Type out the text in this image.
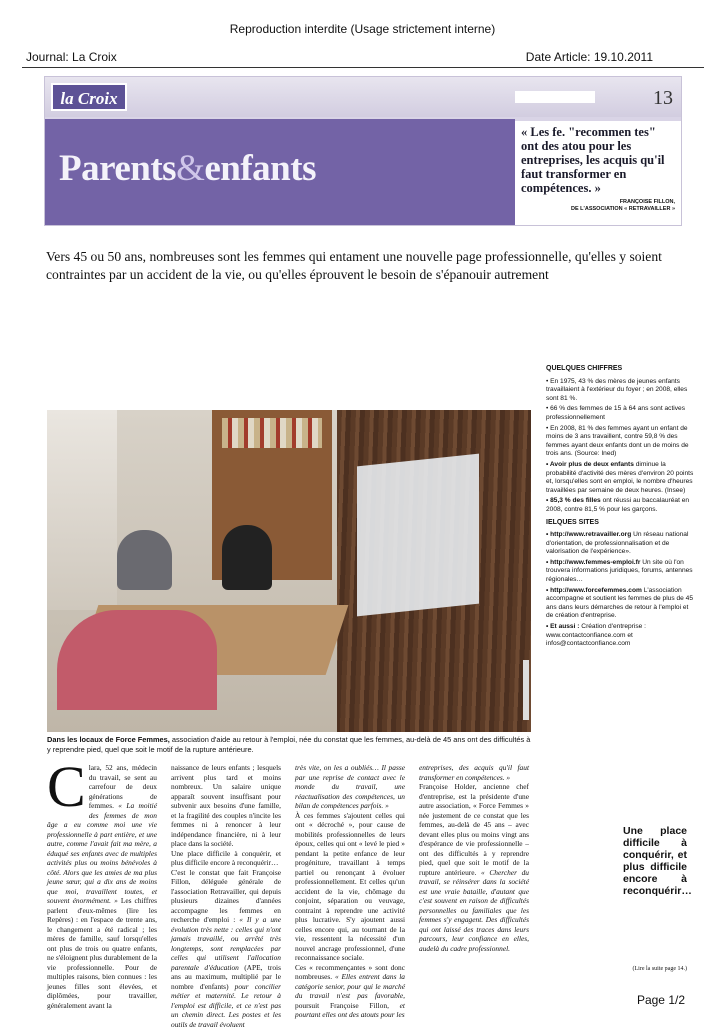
Reproduction interdite (Usage strictement interne)
Journal: La Croix	Date Article: 19.10.2011
la Croix	13
Parents&enfants
« Les fe. "recommen tes" ont des atou pour les entreprises, les acquis qu'il faut transformer en compétences. »
FRANÇOISE FILLON,
DE L'ASSOCIATION « RETRAVAILLER »
Vers 45 ou 50 ans, nombreuses sont les femmes qui entament une nouvelle page professionnelle, qu'elles y soient contraintes par un accident de la vie, ou qu'elles éprouvent le besoin de s'épanouir autrement
Dans les locaux de Force Femmes, association d'aide au retour à l'emploi, née du constat que les femmes, au-delà de 45 ans ont des difficultés à y reprendre pied, quel que soit le motif de la rupture antérieure.
QUELQUES CHIFFRES
• En 1975, 43 % des mères de jeunes enfants travaillaient à l'extérieur du foyer ; en 2008, elles sont 81 %.
• 66 % des femmes de 15 à 64 ans sont actives professionnellement
• En 2008, 81 % des femmes ayant un enfant de moins de 3 ans travaillent, contre 59,8 % des femmes ayant deux enfants dont un de moins de trois ans. (Source: Ined)
• Avoir plus de deux enfants diminue la probabilité d'activité des mères d'environ 20 points et, lorsqu'elles sont en emploi, le nombre d'heures travaillées par semaine de deux heures. (Insee)
• 85,3 % des filles ont réussi au baccalauréat en 2008, contre 81,5 % pour les garçons.
IELQUES SITES
• http://www.retravailler.org Un réseau national d'orientation, de professionnalisation et de valorisation de l'expérience».
• http://www.femmes-emploi.fr Un site où l'on trouvera informations juridiques, forums, antennes régionales…
• http://www.forcefemmes.com L'association accompagne et soutient les femmes de plus de 45 ans dans leurs démarches de retour à l'emploi et de création d'entreprise.
• Et aussi : Création d'entreprise : www.contactconfiance.com et infos@contactconfiance.com
Clara, 52 ans, médecin du travail, se sent au carrefour de deux générations de femmes. « La moitié des femmes de mon âge a eu comme moi une vie professionnelle à part entière, et une autre, comme l'avait fait ma mère, a éduqué ses enfants avec de multiples activités plus ou moins bénévoles à côté. Alors que les amies de ma plus jeune sœur, qui a dix ans de moins que moi, travaillent toutes, et souvent énormément. » Les chiffres parlent d'eux-mêmes (lire les Repères) : en l'espace de trente ans, le changement a été radical ; les mères de famille, sauf lorsqu'elles ont plus de trois ou quatre enfants, ne s'éloignent plus durablement de la vie professionnelle. Pour de multiples raisons, bien connues : les jeunes filles sont élevées, et diplômées, pour travailler, généralement avant la
naissance de leurs enfants ; lesquels arrivent plus tard et moins nombreux. Un salaire unique apparaît souvent insuffisant pour subvenir aux besoins d'une famille, et la fragilité des couples n'incite les femmes ni à renoncer à leur indépendance financière, ni à leur place dans la société.
Une place difficile à conquérir, et plus difficile encore à reconquérir…
C'est le constat que fait Françoise Fillon, déléguée générale de l'association Retravailler, qui depuis plusieurs dizaines d'années accompagne les femmes en recherche d'emploi : « Il y a une évolution très nette : celles qui n'ont jamais travaillé, ou arrêté très longtemps, sont remplacées par celles qui utilisent l'allocation parentale d'éducation (APE, trois ans au maximum, multiplié par le nombre d'enfants) pour concilier métier et maternité. Le retour à l'emploi est difficile, et ce n'est pas un chemin direct. Les postes et les outils de travail évoluent
très vite, on les a oubliés… Il passe par une reprise de contact avec le monde du travail, une réactualisation des compétences, un bilan de compétences parfois. »
À ces femmes s'ajoutent celles qui ont « décroché », pour cause de mobilités professionnelles de leurs époux, celles qui ont « levé le pied » pendant la petite enfance de leur progéniture, travaillant à temps partiel ou renonçant à évoluer professionnellement. Et celles qu'un accident de la vie, chômage du conjoint, séparation ou veuvage, contraint à reprendre une activité plus lucrative. S'y ajoutent aussi celles encore qui, au tournant de la vie, ressentent la nécessité d'un nouvel ancrage professionnel, d'une reconnaissance sociale.
Ces « recommençantes » sont donc nombreuses. « Elles entrent dans la catégorie senior, pour qui le marché du travail n'est pas favorable, poursuit Françoise Fillon, et pourtant elles ont des atouts pour les
entreprises, des acquis qu'il faut transformer en compétences. »
Françoise Holder, ancienne chef d'entreprise, est la présidente d'une autre association, « Force Femmes » née justement de ce constat que les femmes, au-delà de 45 ans – avec devant elles plus ou moins vingt ans d'espérance de vie professionnelle – ont des difficultés à y reprendre pied, quel que soit le motif de la rupture antérieure. « Chercher du travail, se réinsérer dans la société est une vraie bataille, d'autant que c'est souvent en raison de difficultés personnelles ou familiales que les femmes s'y engagent. Des difficultés qui ont laissé des traces dans leurs parcours, leur confiance en elles, audelà du cadre professionnel.
Une place difficile à conquérir, et plus difficile encore à reconquérir…
(Lire la suite page 14.)
Page 1/2
